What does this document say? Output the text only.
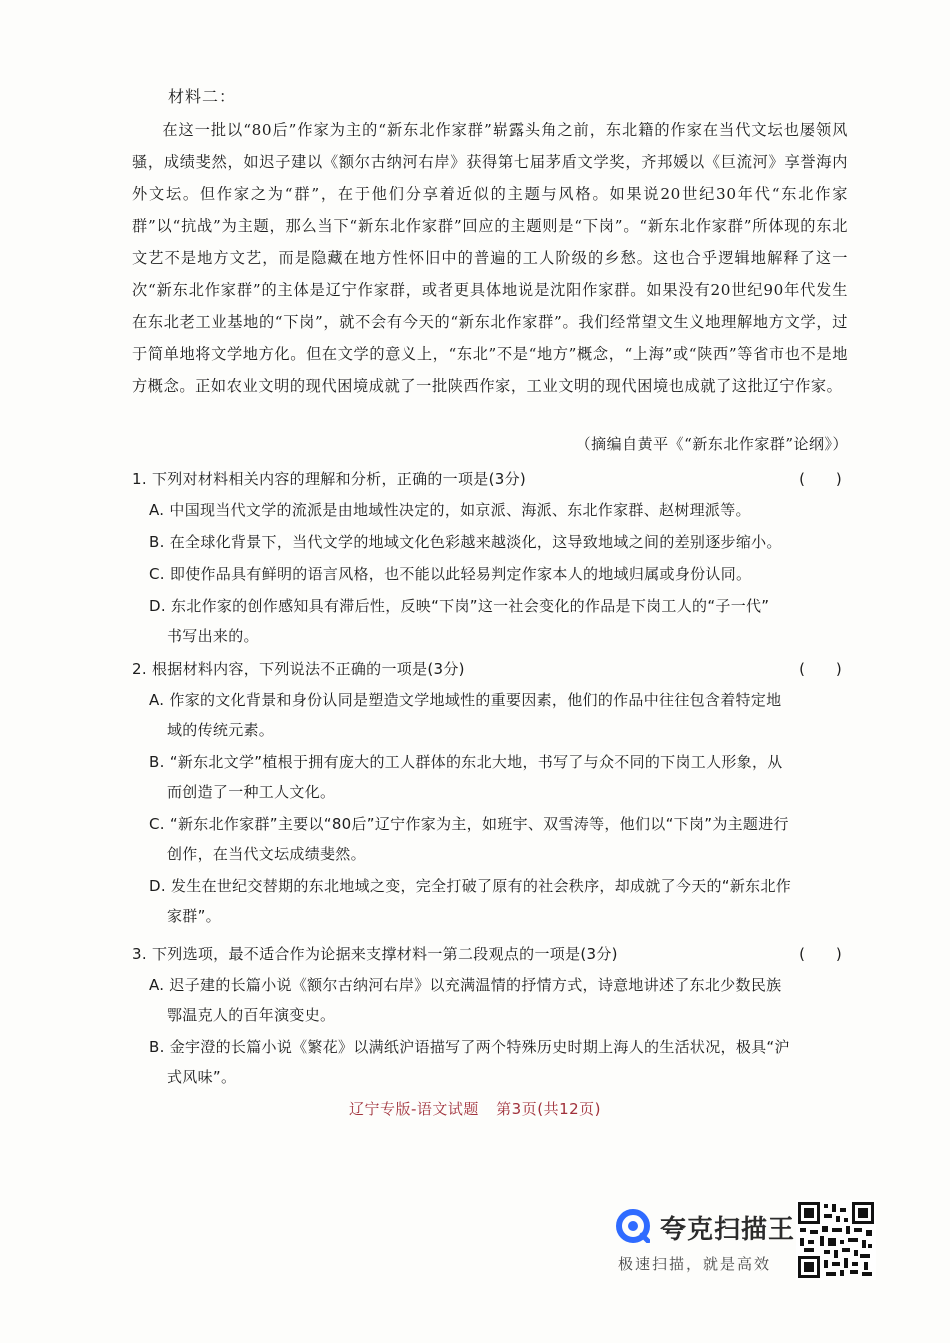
材料二：
在这一批以“80后”作家为主的“新东北作家群”崭露头角之前，东北籍的作家在当代文坛也屡领风骚，成绩斐然，如迟子建以《额尔古纳河右岸》获得第七届茅盾文学奖，齐邦媛以《巨流河》享誉海内外文坛。但作家之为“群”，在于他们分享着近似的主题与风格。如果说20世纪30年代“东北作家群”以“抗战”为主题，那么当下“新东北作家群”回应的主题则是“下岗”。“新东北作家群”所体现的东北文艺不是地方文艺，而是隐藏在地方性怀旧中的普遍的工人阶级的乡愁。这也合乎逻辑地解释了这一次“新东北作家群”的主体是辽宁作家群，或者更具体地说是沈阳作家群。如果没有20世纪90年代发生在东北老工业基地的“下岗”，就不会有今天的“新东北作家群”。我们经常望文生义地理解地方文学，过于简单地将文学地方化。但在文学的意义上，“东北”不是“地方”概念，“上海”或“陕西”等省市也不是地方概念。正如农业文明的现代困境成就了一批陕西作家，工业文明的现代困境也成就了这批辽宁作家。
（摘编自黄平《“新东北作家群”论纲》）
1. 下列对材料相关内容的理解和分析，正确的一项是(3分)	(　　)
A. 中国现当代文学的流派是由地域性决定的，如京派、海派、东北作家群、赵树理派等。
B. 在全球化背景下，当代文学的地域文化色彩越来越淡化，这导致地域之间的差别逐步缩小。
C. 即使作品具有鲜明的语言风格，也不能以此轻易判定作家本人的地域归属或身份认同。
D. 东北作家的创作感知具有滞后性，反映“下岗”这一社会变化的作品是下岗工人的“子一代”
书写出来的。
2. 根据材料内容，下列说法不正确的一项是(3分)	(　　)
A. 作家的文化背景和身份认同是塑造文学地域性的重要因素，他们的作品中往往包含着特定地
域的传统元素。
B. “新东北文学”植根于拥有庞大的工人群体的东北大地，书写了与众不同的下岗工人形象，从
而创造了一种工人文化。
C. “新东北作家群”主要以“80后”辽宁作家为主，如班宇、双雪涛等，他们以“下岗”为主题进行
创作，在当代文坛成绩斐然。
D. 发生在世纪交替期的东北地域之变，完全打破了原有的社会秩序，却成就了今天的“新东北作
家群”。
3. 下列选项，最不适合作为论据来支撑材料一第二段观点的一项是(3分)	(　　)
A. 迟子建的长篇小说《额尔古纳河右岸》以充满温情的抒情方式，诗意地讲述了东北少数民族
鄂温克人的百年演变史。
B. 金宇澄的长篇小说《繁花》以满纸沪语描写了两个特殊历史时期上海人的生活状况，极具“沪
式风味”。
辽宁专版-语文试题 第3页(共12页)
夸克扫描王
极速扫描，就是高效
